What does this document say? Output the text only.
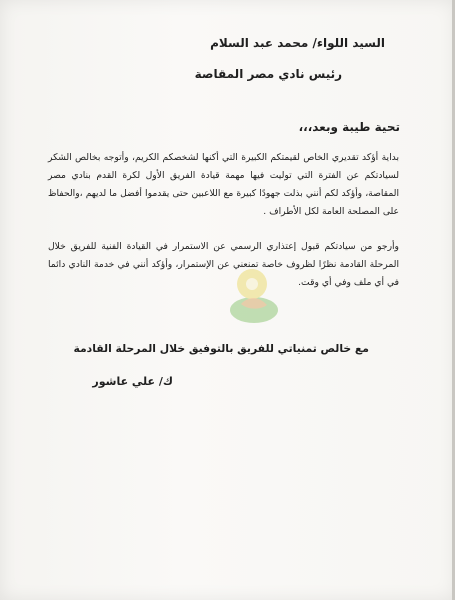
السيد اللواء/ محمد عبد السلام
رئيس نادي مصر المقاصة
تحية طيبة وبعد،،،
بداية أؤكد تقديري الخاص لقيمتكم الكبيرة التي أكنها لشخصكم الكريم، وأتوجه بخالص الشكر لسيادتكم عن الفترة التي توليت فيها مهمة قيادة الفريق الأول لكرة القدم بنادي مصر المقاصة، وأؤكد لكم أنني بذلت جهودًا كبيرة مع اللاعبين حتى يقدموا أفضل ما لديهم ،والحفاظ على المصلحة العامة لكل الأطراف .
وأرجو من سيادتكم قبول إعتذاري الرسمي عن الاستمرار في القيادة الفنية للفريق خلال المرحلة القادمة نظرًا لظروف خاصة تمنعني عن الإستمرار، وأؤكد أنني في خدمة النادي دائما في أي ملف وفي أي وقت.
مع خالص تمنياتي للفريق بالتوفيق خلال المرحلة القادمة
ك/ علي عاشور
